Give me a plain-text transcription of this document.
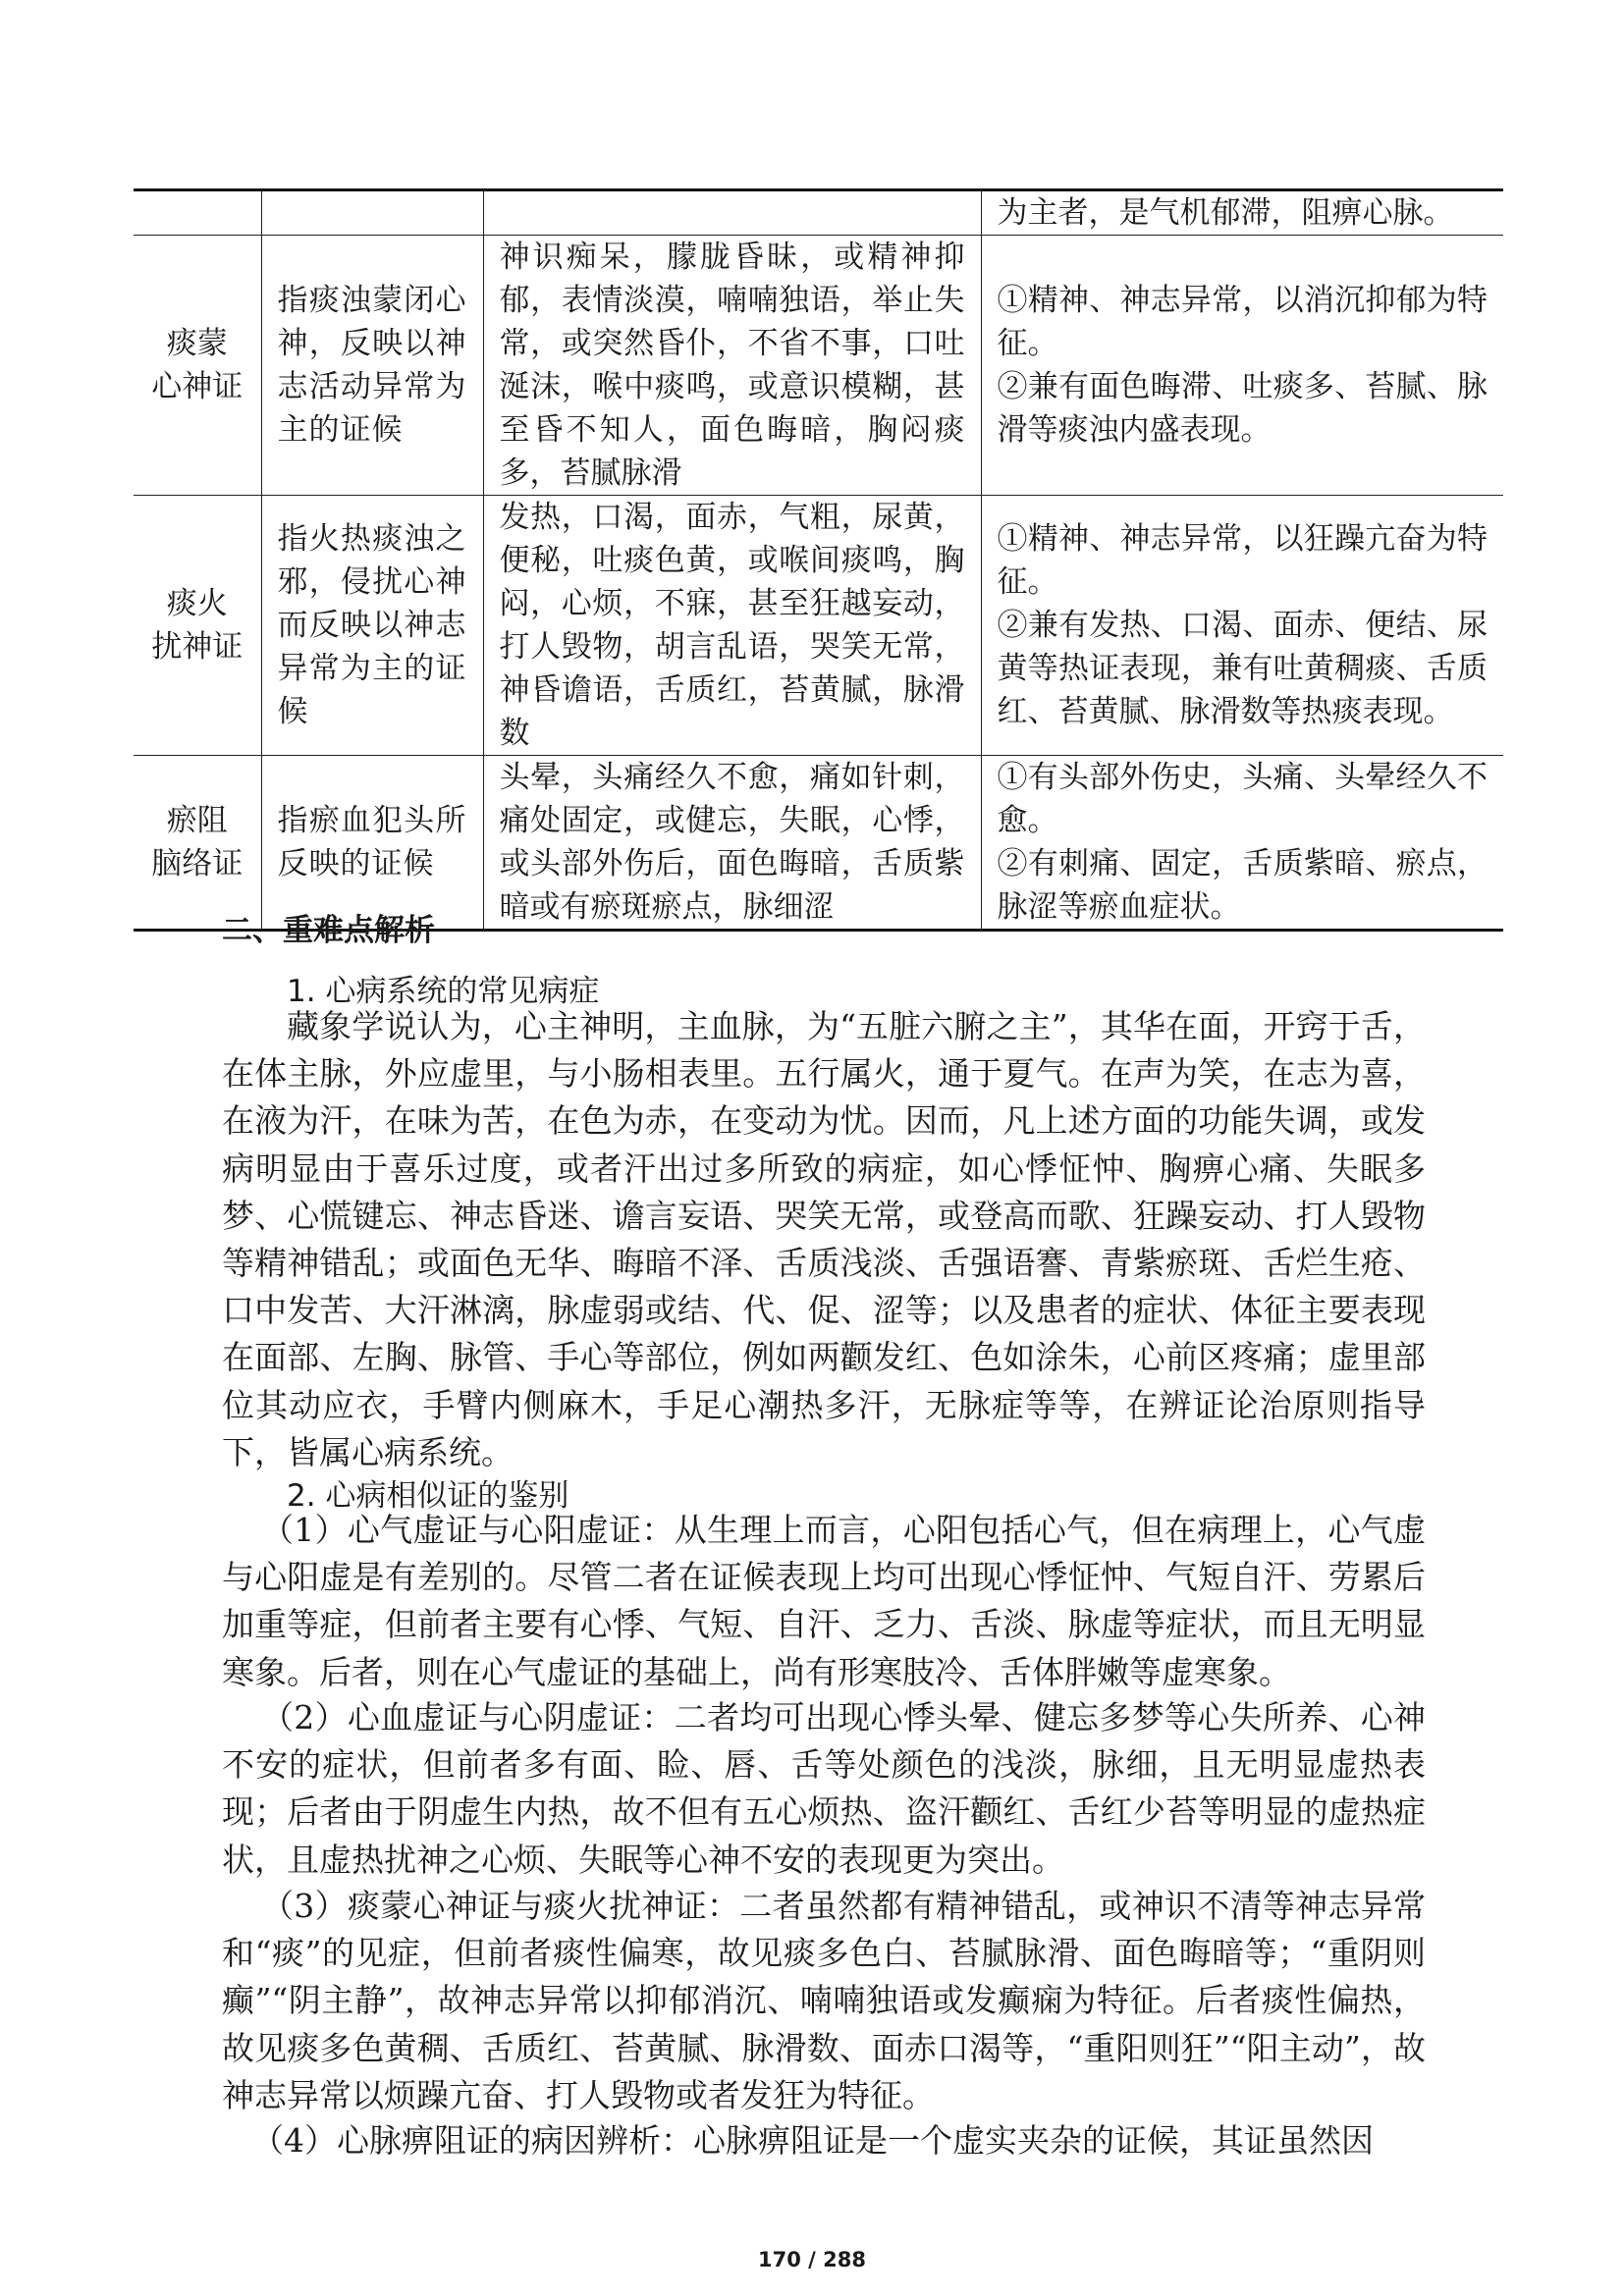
			为主者，是气机郁滞，阻痹心脉。

痰蒙
心神证	指痰浊蒙闭心神，反映以神志活动异常为主的证候	神识痴呆，朦胧昏昧，或精神抑郁，表情淡漠，喃喃独语，举止失常，或突然昏仆，不省不事，口吐涎沫，喉中痰鸣，或意识模糊，甚至昏不知人，面色晦暗，胸闷痰多，苔腻脉滑	①精神、神志异常，以消沉抑郁为特征。
②兼有面色晦滞、吐痰多、苔腻、脉滑等痰浊内盛表现。

痰火
扰神证	指火热痰浊之邪，侵扰心神而反映以神志异常为主的证候	发热，口渴，面赤，气粗，尿黄，便秘，吐痰色黄，或喉间痰鸣，胸闷，心烦，不寐，甚至狂越妄动，打人毁物，胡言乱语，哭笑无常，神昏谵语，舌质红，苔黄腻，脉滑数	①精神、神志异常，以狂躁亢奋为特征。
②兼有发热、口渴、面赤、便结、尿黄等热证表现，兼有吐黄稠痰、舌质红、苔黄腻、脉滑数等热痰表现。

瘀阻
脑络证	指瘀血犯头所反映的证候	头晕，头痛经久不愈，痛如针刺，痛处固定，或健忘，失眠，心悸，或头部外伤后，面色晦暗，舌质紫暗或有瘀斑瘀点，脉细涩	①有头部外伤史，头痛、头晕经久不愈。
②有刺痛、固定，舌质紫暗、瘀点，脉涩等瘀血症状。
二、重难点解析
1. 心病系统的常见病症
藏象学说认为，心主神明，主血脉，为“五脏六腑之主”，其华在面，开窍于舌，在体主脉，外应虚里，与小肠相表里。五行属火，通于夏气。在声为笑，在志为喜，在液为汗，在味为苦，在色为赤，在变动为忧。因而，凡上述方面的功能失调，或发病明显由于喜乐过度，或者汗出过多所致的病症，如心悸怔忡、胸痹心痛、失眠多梦、心慌键忘、神志昏迷、谵言妄语、哭笑无常，或登高而歌、狂躁妄动、打人毁物等精神错乱；或面色无华、晦暗不泽、舌质浅淡、舌强语謇、青紫瘀斑、舌烂生疮、口中发苦、大汗淋漓，脉虚弱或结、代、促、涩等；以及患者的症状、体征主要表现在面部、左胸、脉管、手心等部位，例如两颧发红、色如涂朱，心前区疼痛；虚里部位其动应衣，手臂内侧麻木，手足心潮热多汗，无脉症等等，在辨证论治原则指导下，皆属心病系统。
2. 心病相似证的鉴别
（1）心气虚证与心阳虚证：从生理上而言，心阳包括心气，但在病理上，心气虚与心阳虚是有差别的。尽管二者在证候表现上均可出现心悸怔忡、气短自汗、劳累后加重等症，但前者主要有心悸、气短、自汗、乏力、舌淡、脉虚等症状，而且无明显寒象。后者，则在心气虚证的基础上，尚有形寒肢冷、舌体胖嫩等虚寒象。
（2）心血虚证与心阴虚证：二者均可出现心悸头晕、健忘多梦等心失所养、心神不安的症状，但前者多有面、睑、唇、舌等处颜色的浅淡，脉细，且无明显虚热表现；后者由于阴虚生内热，故不但有五心烦热、盗汗颧红、舌红少苔等明显的虚热症状，且虚热扰神之心烦、失眠等心神不安的表现更为突出。
（3）痰蒙心神证与痰火扰神证：二者虽然都有精神错乱，或神识不清等神志异常和“痰”的见症，但前者痰性偏寒，故见痰多色白、苔腻脉滑、面色晦暗等；“重阴则癫”“阴主静”，故神志异常以抑郁消沉、喃喃独语或发癫痫为特征。后者痰性偏热，故见痰多色黄稠、舌质红、苔黄腻、脉滑数、面赤口渴等，“重阳则狂”“阳主动”，故神志异常以烦躁亢奋、打人毁物或者发狂为特征。
（4）心脉痹阻证的病因辨析：心脉痹阻证是一个虚实夹杂的证候，其证虽然因
170 / 288
